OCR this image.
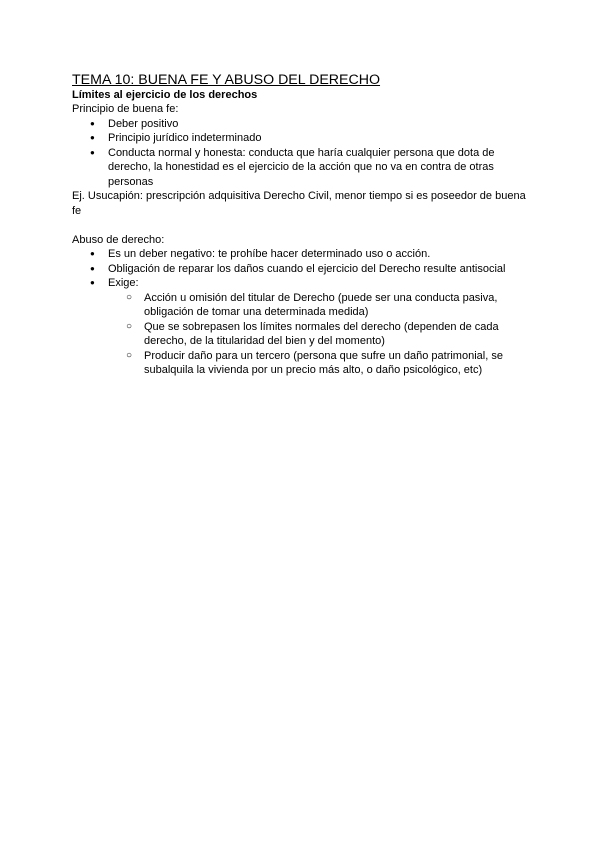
TEMA 10: BUENA FE Y ABUSO DEL DERECHO
Límites al ejercicio de los derechos

Principio de buena fe:

● Deber positivo
● Principio jurídico indeterminado
● Conducta normal y honesta: conducta que haría cualquier persona que dota de derecho, la honestidad es el ejercicio de la acción que no va en contra de otras personas

Ej. Usucapión: prescripción adquisitiva Derecho Civil, menor tiempo si es poseedor de buena fe

Abuso de derecho:

● Es un deber negativo: te prohíbe hacer determinado uso o acción.
● Obligación de reparar los daños cuando el ejercicio del Derecho resulte antisocial
● Exige:
○ Acción u omisión del titular de Derecho (puede ser una conducta pasiva, obligación de tomar una determinada medida)
○ Que se sobrepasen los límites normales del derecho (dependen de cada derecho, de la titularidad del bien y del momento)
○ Producir daño para un tercero (persona que sufre un daño patrimonial, se subalquila la vivienda por un precio más alto, o daño psicológico, etc)
